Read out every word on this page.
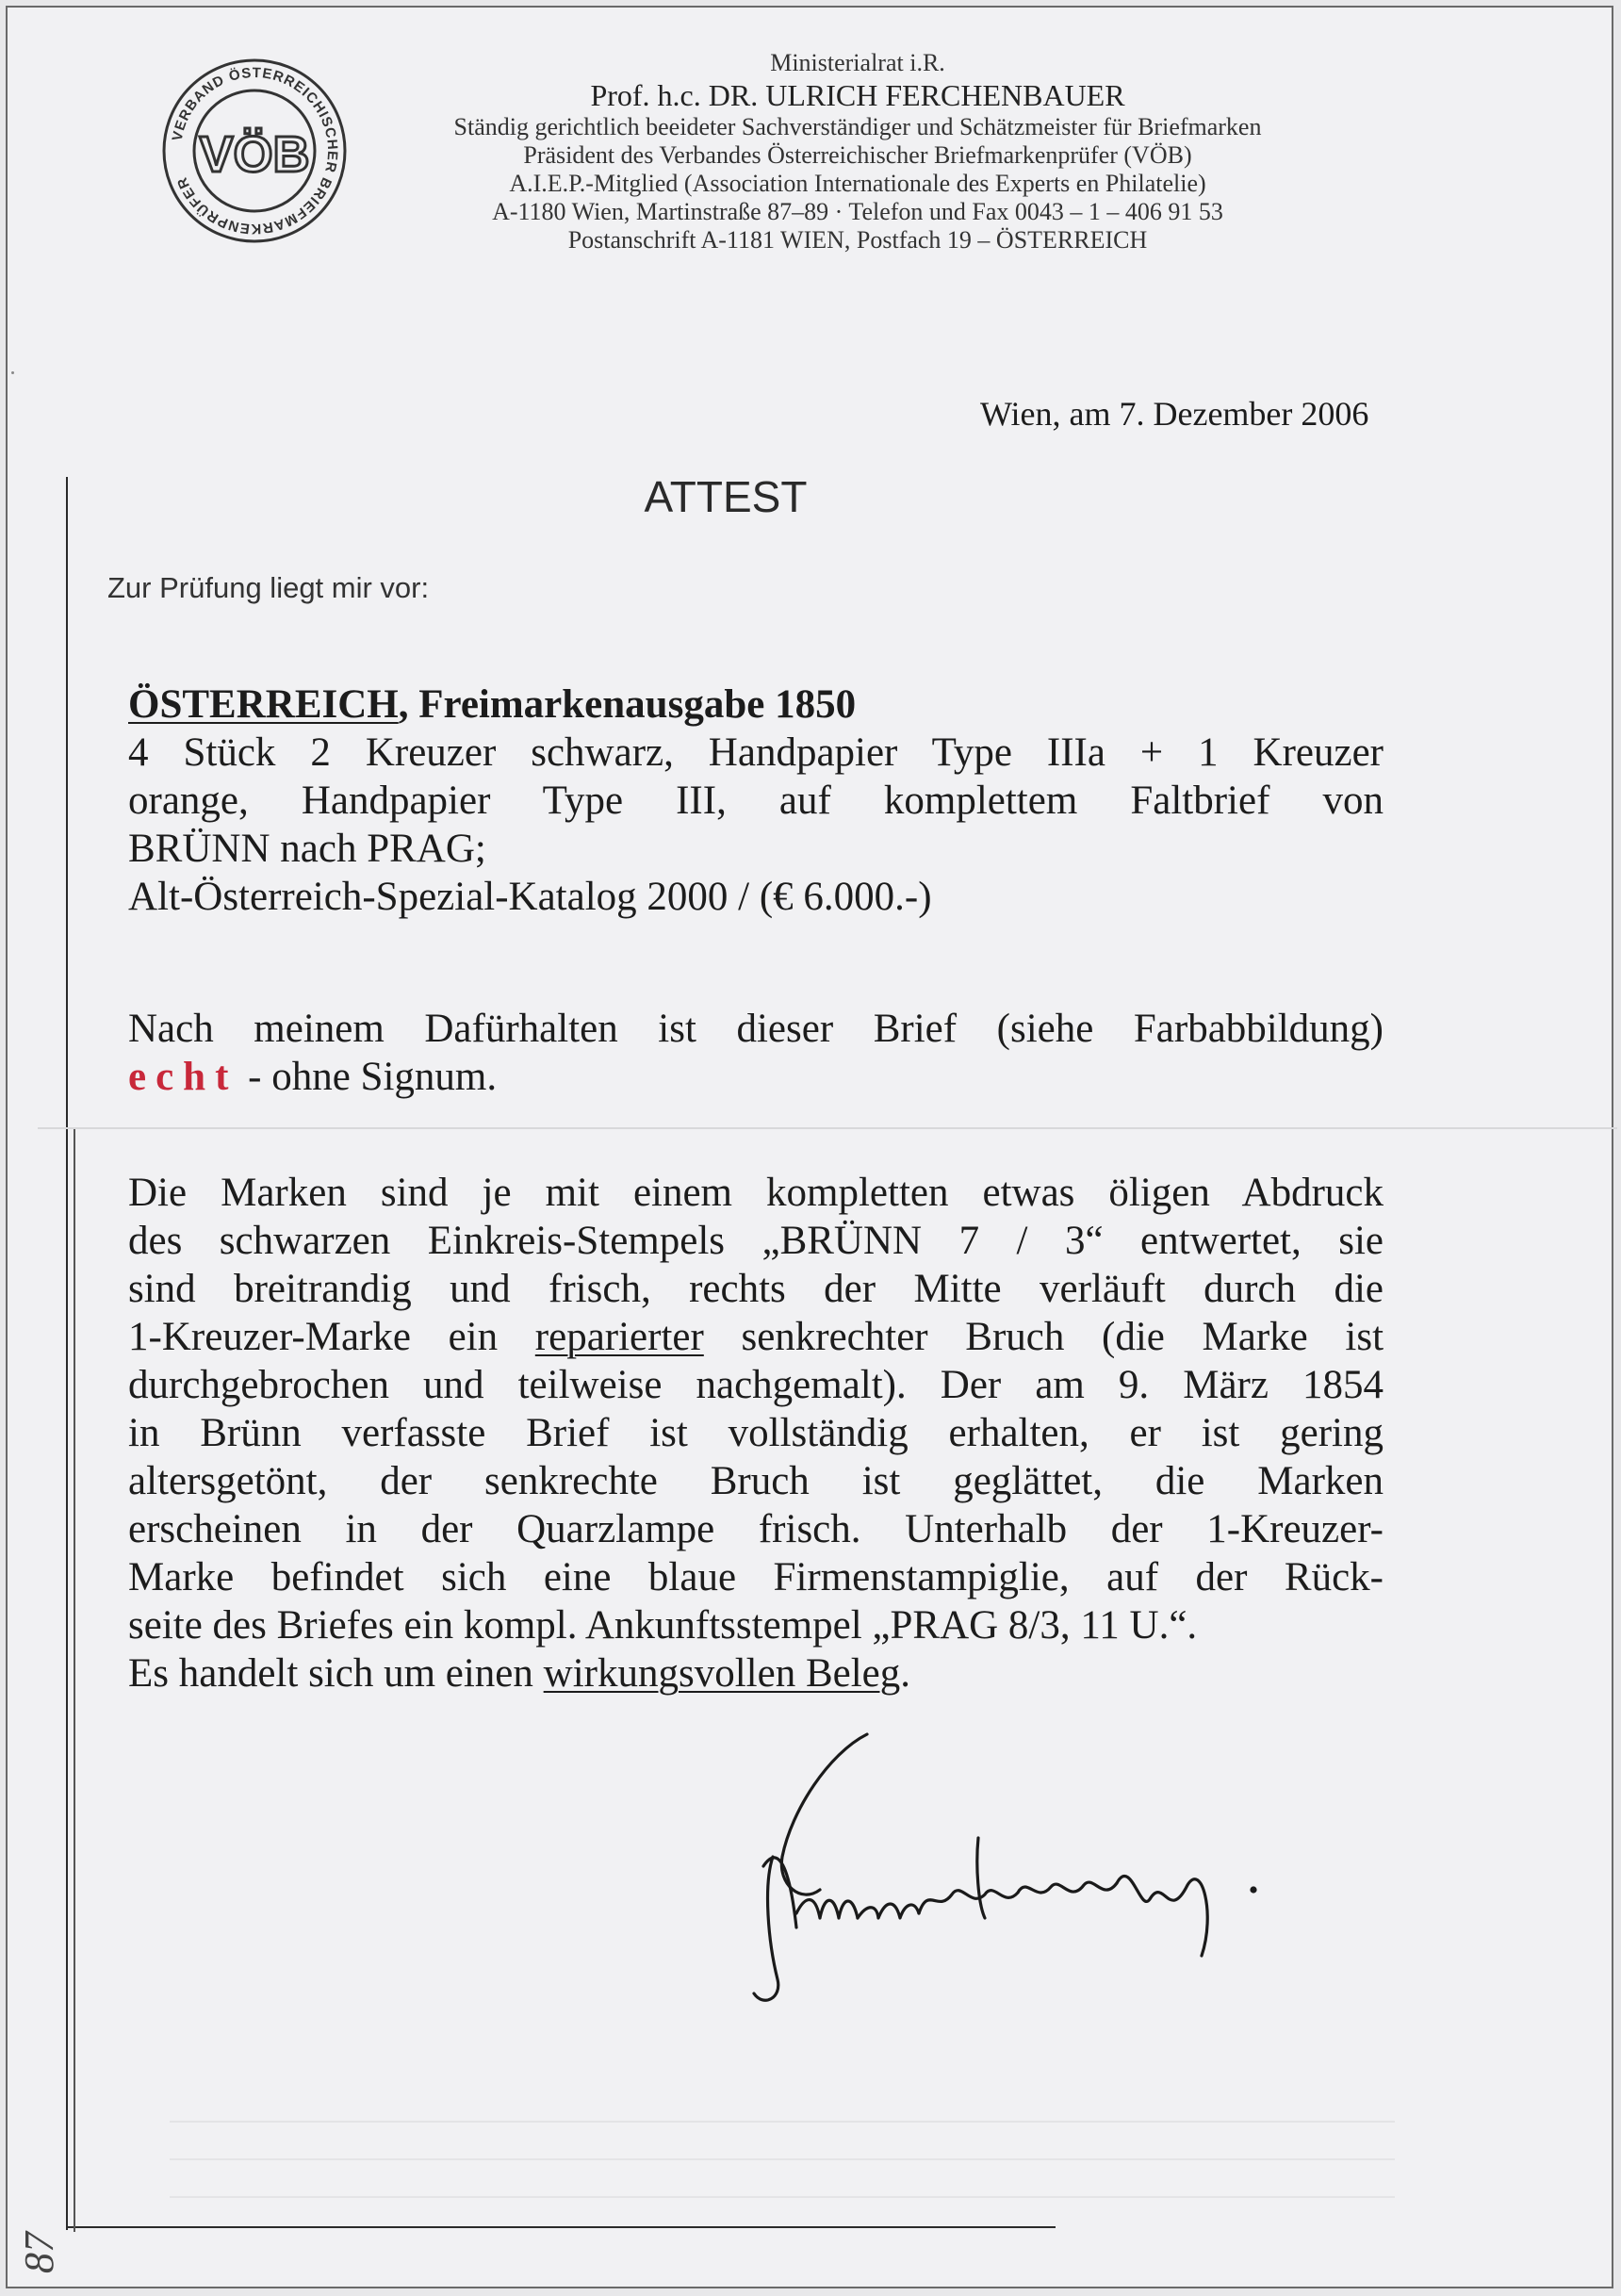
VERBAND ÖSTERREICHISCHER BRIEFMARKENPRÜFER VÖB
Ministerialrat i.R.
Prof. h.c. DR. ULRICH FERCHENBAUER
Ständig gerichtlich beeideter Sachverständiger und Schätzmeister für Briefmarken
Präsident des Verbandes Österreichischer Briefmarkenprüfer (VÖB)
A.I.E.P.-Mitglied (Association Internationale des Experts en Philatelie)
A-1180 Wien, Martinstraße 87–89 · Telefon und Fax 0043 – 1 – 406 91 53
Postanschrift A-1181 WIEN, Postfach 19 – ÖSTERREICH
Wien, am 7. Dezember 2006
ATTEST
Zur Prüfung liegt mir vor:
ÖSTERREICH, Freimarkenausgabe 1850
4 Stück 2 Kreuzer schwarz, Handpapier Type IIIa + 1 Kreuzer
orange, Handpapier Type III, auf komplettem Faltbrief von
BRÜNN nach PRAG;
Alt-Österreich-Spezial-Katalog 2000 / (€ 6.000.-)
Nach meinem Dafürhalten ist dieser Brief (siehe Farbabbildung)
echt - ohne Signum.
Die Marken sind je mit einem kompletten etwas öligen Abdruck
des schwarzen Einkreis-Stempels „BRÜNN 7 / 3“ entwertet, sie
sind breitrandig und frisch, rechts der Mitte verläuft durch die
1-Kreuzer-Marke ein reparierter senkrechter Bruch (die Marke ist
durchgebrochen und teilweise nachgemalt). Der am 9. März 1854
in Brünn verfasste Brief ist vollständig erhalten, er ist gering
altersgetönt, der senkrechte Bruch ist geglättet, die Marken
erscheinen in der Quarzlampe frisch. Unterhalb der 1-Kreuzer-
Marke befindet sich eine blaue Firmenstampiglie, auf der Rück-
seite des Briefes ein kompl. Ankunftsstempel „PRAG 8/3, 11 U.“.
Es handelt sich um einen wirkungsvollen Beleg.
87
